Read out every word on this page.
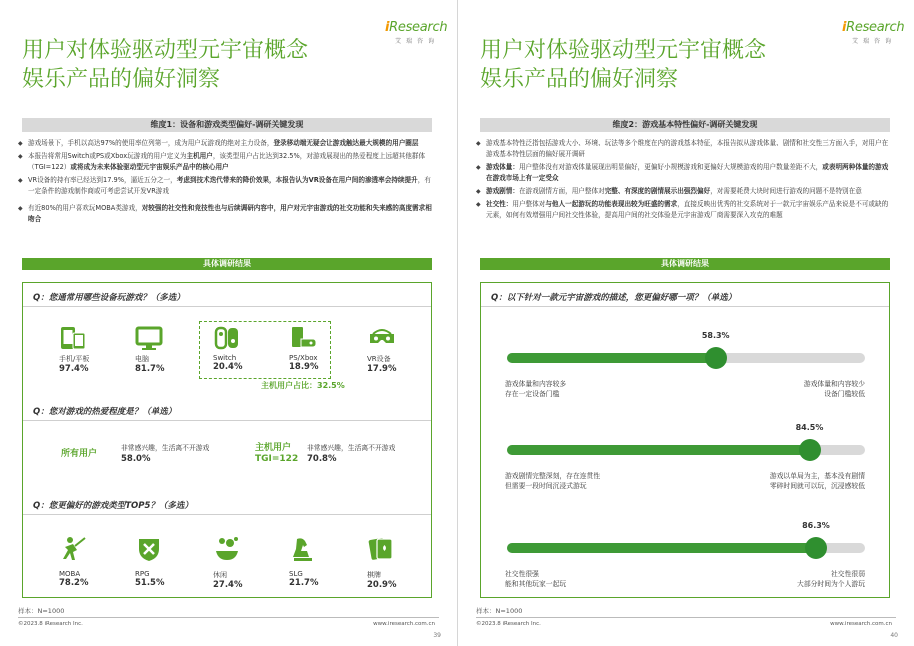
iResearch
艾瑞咨询
用户对体验驱动型元宇宙概念
娱乐产品的偏好洞察
维度1：设备和游戏类型偏好-调研关键发现
◆ 游戏场景下，手机以高达97%的使用率位列第一，成为用户玩游戏的绝对主力设备，登录移动端无疑会让游戏触达最大规模的用户圈层
◆ 本报告将常用Switch或PS或Xbox玩游戏的用户定义为主机用户，该类型用户占比达到32.5%，对游戏展现出的热爱程度上远超其他群体（TGI=122）或将成为未来体验驱动型元宇宙娱乐产品中的核心用户
◆ VR设备的持有率已经达到17.9%，逼近五分之一，考虑到技术迭代带来的降价效果，本报告认为VR设备在用户间的渗透率会持续提升，有一定条件的游戏制作商或可考虑尝试开发VR游戏
◆ 有近80%的用户喜欢玩MOBA类游戏，对较强的社交性和竞技性也与后续调研内容中，用户对元宇宙游戏的社交功能和失来感的高度需求相吻合
具体调研结果
Q：您通常用哪些设备玩游戏？（多选）
手机/平板
97.4%
电脑
81.7%
Switch
20.4%
PS/Xbox
18.9%
VR设备
17.9%
主机用户占比：32.5%
Q：您对游戏的热爱程度是？（单选）
所有用户
非常感兴趣，生活离不开游戏
58.0%
主机用户
TGI=122
非常感兴趣，生活离不开游戏
70.8%
Q：您更偏好的游戏类型TOP5？（多选）
MOBA
78.2%
RPG
51.5%
休闲
27.4%
SLG
21.7%
棋牌
20.9%
样本：N=1000
©2023.8 iResearch Inc.	www.iresearch.com.cn
39
iResearch
艾瑞咨询
用户对体验驱动型元宇宙概念
娱乐产品的偏好洞察
维度2：游戏基本特性偏好-调研关键发现
◆ 游戏基本特性泛指包括游戏大小、环境、玩法等多个维度在内的游戏基本特征，本报告拟从游戏体量、剧情和社交性三方面入手，对用户在游戏基本特性层面的偏好展开调研
◆ 游戏体量：用户整体没有对游戏体量展现出明显偏好，更偏好小规模游戏和更偏好大规模游戏的用户数量差距不大，或表明两种体量的游戏在游戏市场上有一定受众
◆ 游戏剧情：在游戏剧情方面，用户整体对完整、有深度的剧情展示出强烈偏好，对需要耗费大块时间进行游戏的问题不是特别在意
◆ 社交性：用户整体对与他人一起游玩的功能表现出较为旺盛的需求，直接反映出优秀的社交系统对于一款元宇宙娱乐产品来说是不可或缺的元素，如何有效增强用户间社交性体验，提高用户间的社交体验是元宇宙游戏厂商需要深入攻克的难题
具体调研结果
Q：以下针对一款元宇宙游戏的描述，您更偏好哪一项？（单选）
58.3%
游戏体量和内容较多
存在一定设备门槛
游戏体量和内容较少
设备门槛较低
84.5%
游戏剧情完整深刻，存在连贯性
但需要一段时间沉浸式游玩
游戏以单局为主，基本没有剧情
零碎时间就可以玩，沉浸感较低
86.3%
社交性很强
能和其他玩家一起玩
社交性很弱
大部分时间为个人游玩
样本：N=1000
©2023.8 iResearch Inc.	www.iresearch.com.cn
40
